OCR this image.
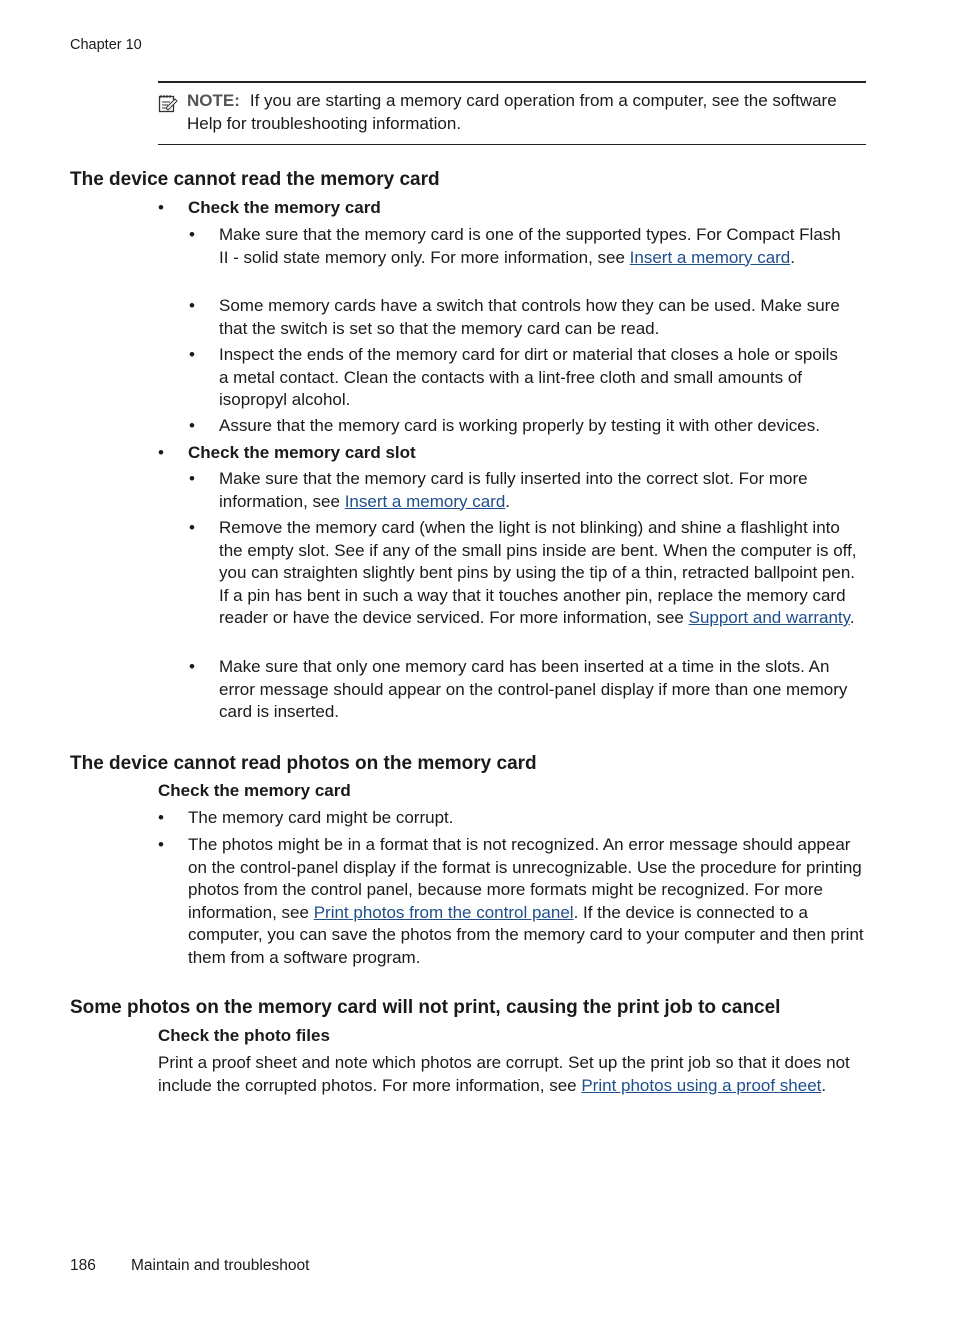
Chapter 10
NOTE: If you are starting a memory card operation from a computer, see the software Help for troubleshooting information.
The device cannot read the memory card
• Check the memory card
• Make sure that the memory card is one of the supported types. For Compact Flash II - solid state memory only. For more information, see Insert a memory card.
• Some memory cards have a switch that controls how they can be used. Make sure that the switch is set so that the memory card can be read.
• Inspect the ends of the memory card for dirt or material that closes a hole or spoils a metal contact. Clean the contacts with a lint-free cloth and small amounts of isopropyl alcohol.
• Assure that the memory card is working properly by testing it with other devices.
• Check the memory card slot
• Make sure that the memory card is fully inserted into the correct slot. For more information, see Insert a memory card.
• Remove the memory card (when the light is not blinking) and shine a flashlight into the empty slot. See if any of the small pins inside are bent. When the computer is off, you can straighten slightly bent pins by using the tip of a thin, retracted ballpoint pen. If a pin has bent in such a way that it touches another pin, replace the memory card reader or have the device serviced. For more information, see Support and warranty.
• Make sure that only one memory card has been inserted at a time in the slots. An error message should appear on the control-panel display if more than one memory card is inserted.
The device cannot read photos on the memory card
Check the memory card
• The memory card might be corrupt.
• The photos might be in a format that is not recognized. An error message should appear on the control-panel display if the format is unrecognizable. Use the procedure for printing photos from the control panel, because more formats might be recognized. For more information, see Print photos from the control panel. If the device is connected to a computer, you can save the photos from the memory card to your computer and then print them from a software program.
Some photos on the memory card will not print, causing the print job to cancel
Check the photo files
Print a proof sheet and note which photos are corrupt. Set up the print job so that it does not include the corrupted photos. For more information, see Print photos using a proof sheet.
186 Maintain and troubleshoot
